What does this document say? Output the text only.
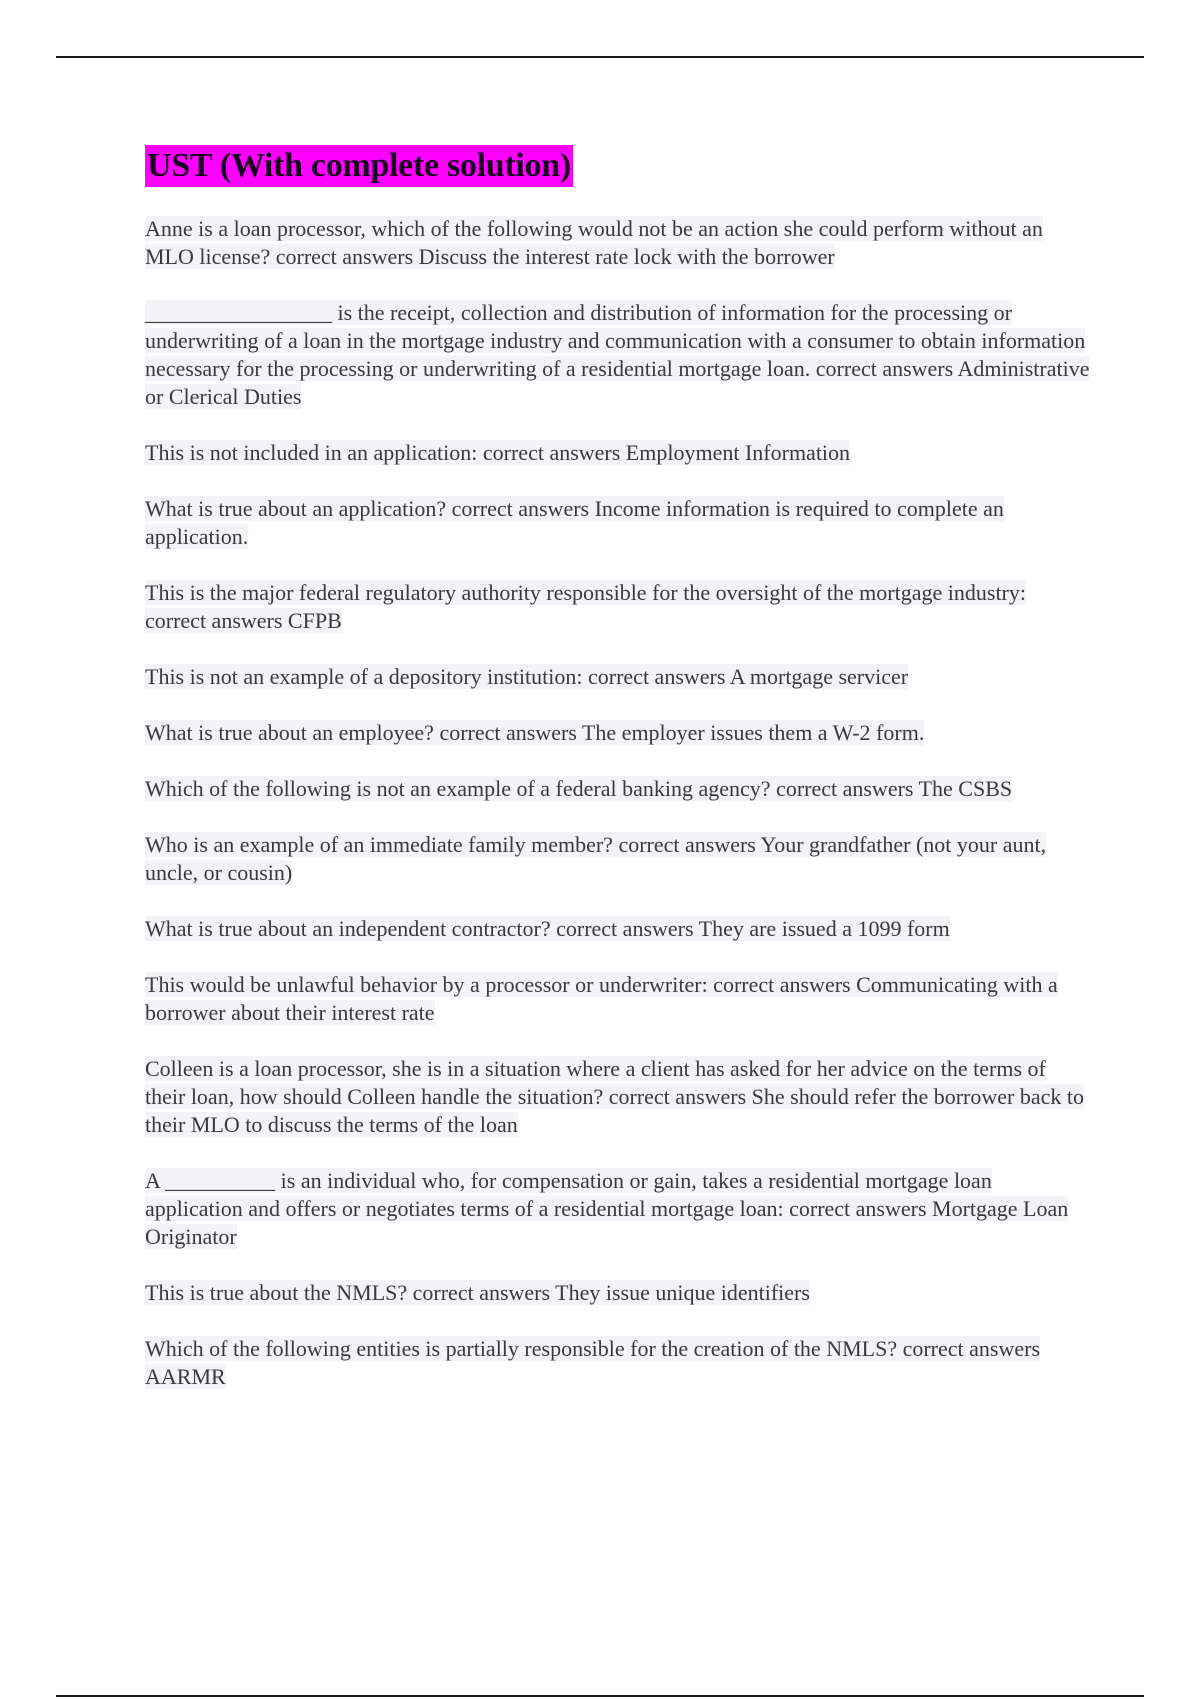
UST (With complete solution)
Anne is a loan processor, which of the following would not be an action she could perform without an MLO license? correct answers Discuss the interest rate lock with the borrower
_________________ is the receipt, collection and distribution of information for the processing or underwriting of a loan in the mortgage industry and communication with a consumer to obtain information necessary for the processing or underwriting of a residential mortgage loan. correct answers Administrative or Clerical Duties
This is not included in an application: correct answers Employment Information
What is true about an application? correct answers Income information is required to complete an application.
This is the major federal regulatory authority responsible for the oversight of the mortgage industry: correct answers CFPB
This is not an example of a depository institution: correct answers A mortgage servicer
What is true about an employee? correct answers The employer issues them a W-2 form.
Which of the following is not an example of a federal banking agency? correct answers The CSBS
Who is an example of an immediate family member? correct answers Your grandfather (not your aunt, uncle, or cousin)
What is true about an independent contractor? correct answers They are issued a 1099 form
This would be unlawful behavior by a processor or underwriter: correct answers Communicating with a borrower about their interest rate
Colleen is a loan processor, she is in a situation where a client has asked for her advice on the terms of their loan, how should Colleen handle the situation? correct answers She should refer the borrower back to their MLO to discuss the terms of the loan
A __________ is an individual who, for compensation or gain, takes a residential mortgage loan application and offers or negotiates terms of a residential mortgage loan: correct answers Mortgage Loan Originator
This is true about the NMLS? correct answers They issue unique identifiers
Which of the following entities is partially responsible for the creation of the NMLS? correct answers AARMR
